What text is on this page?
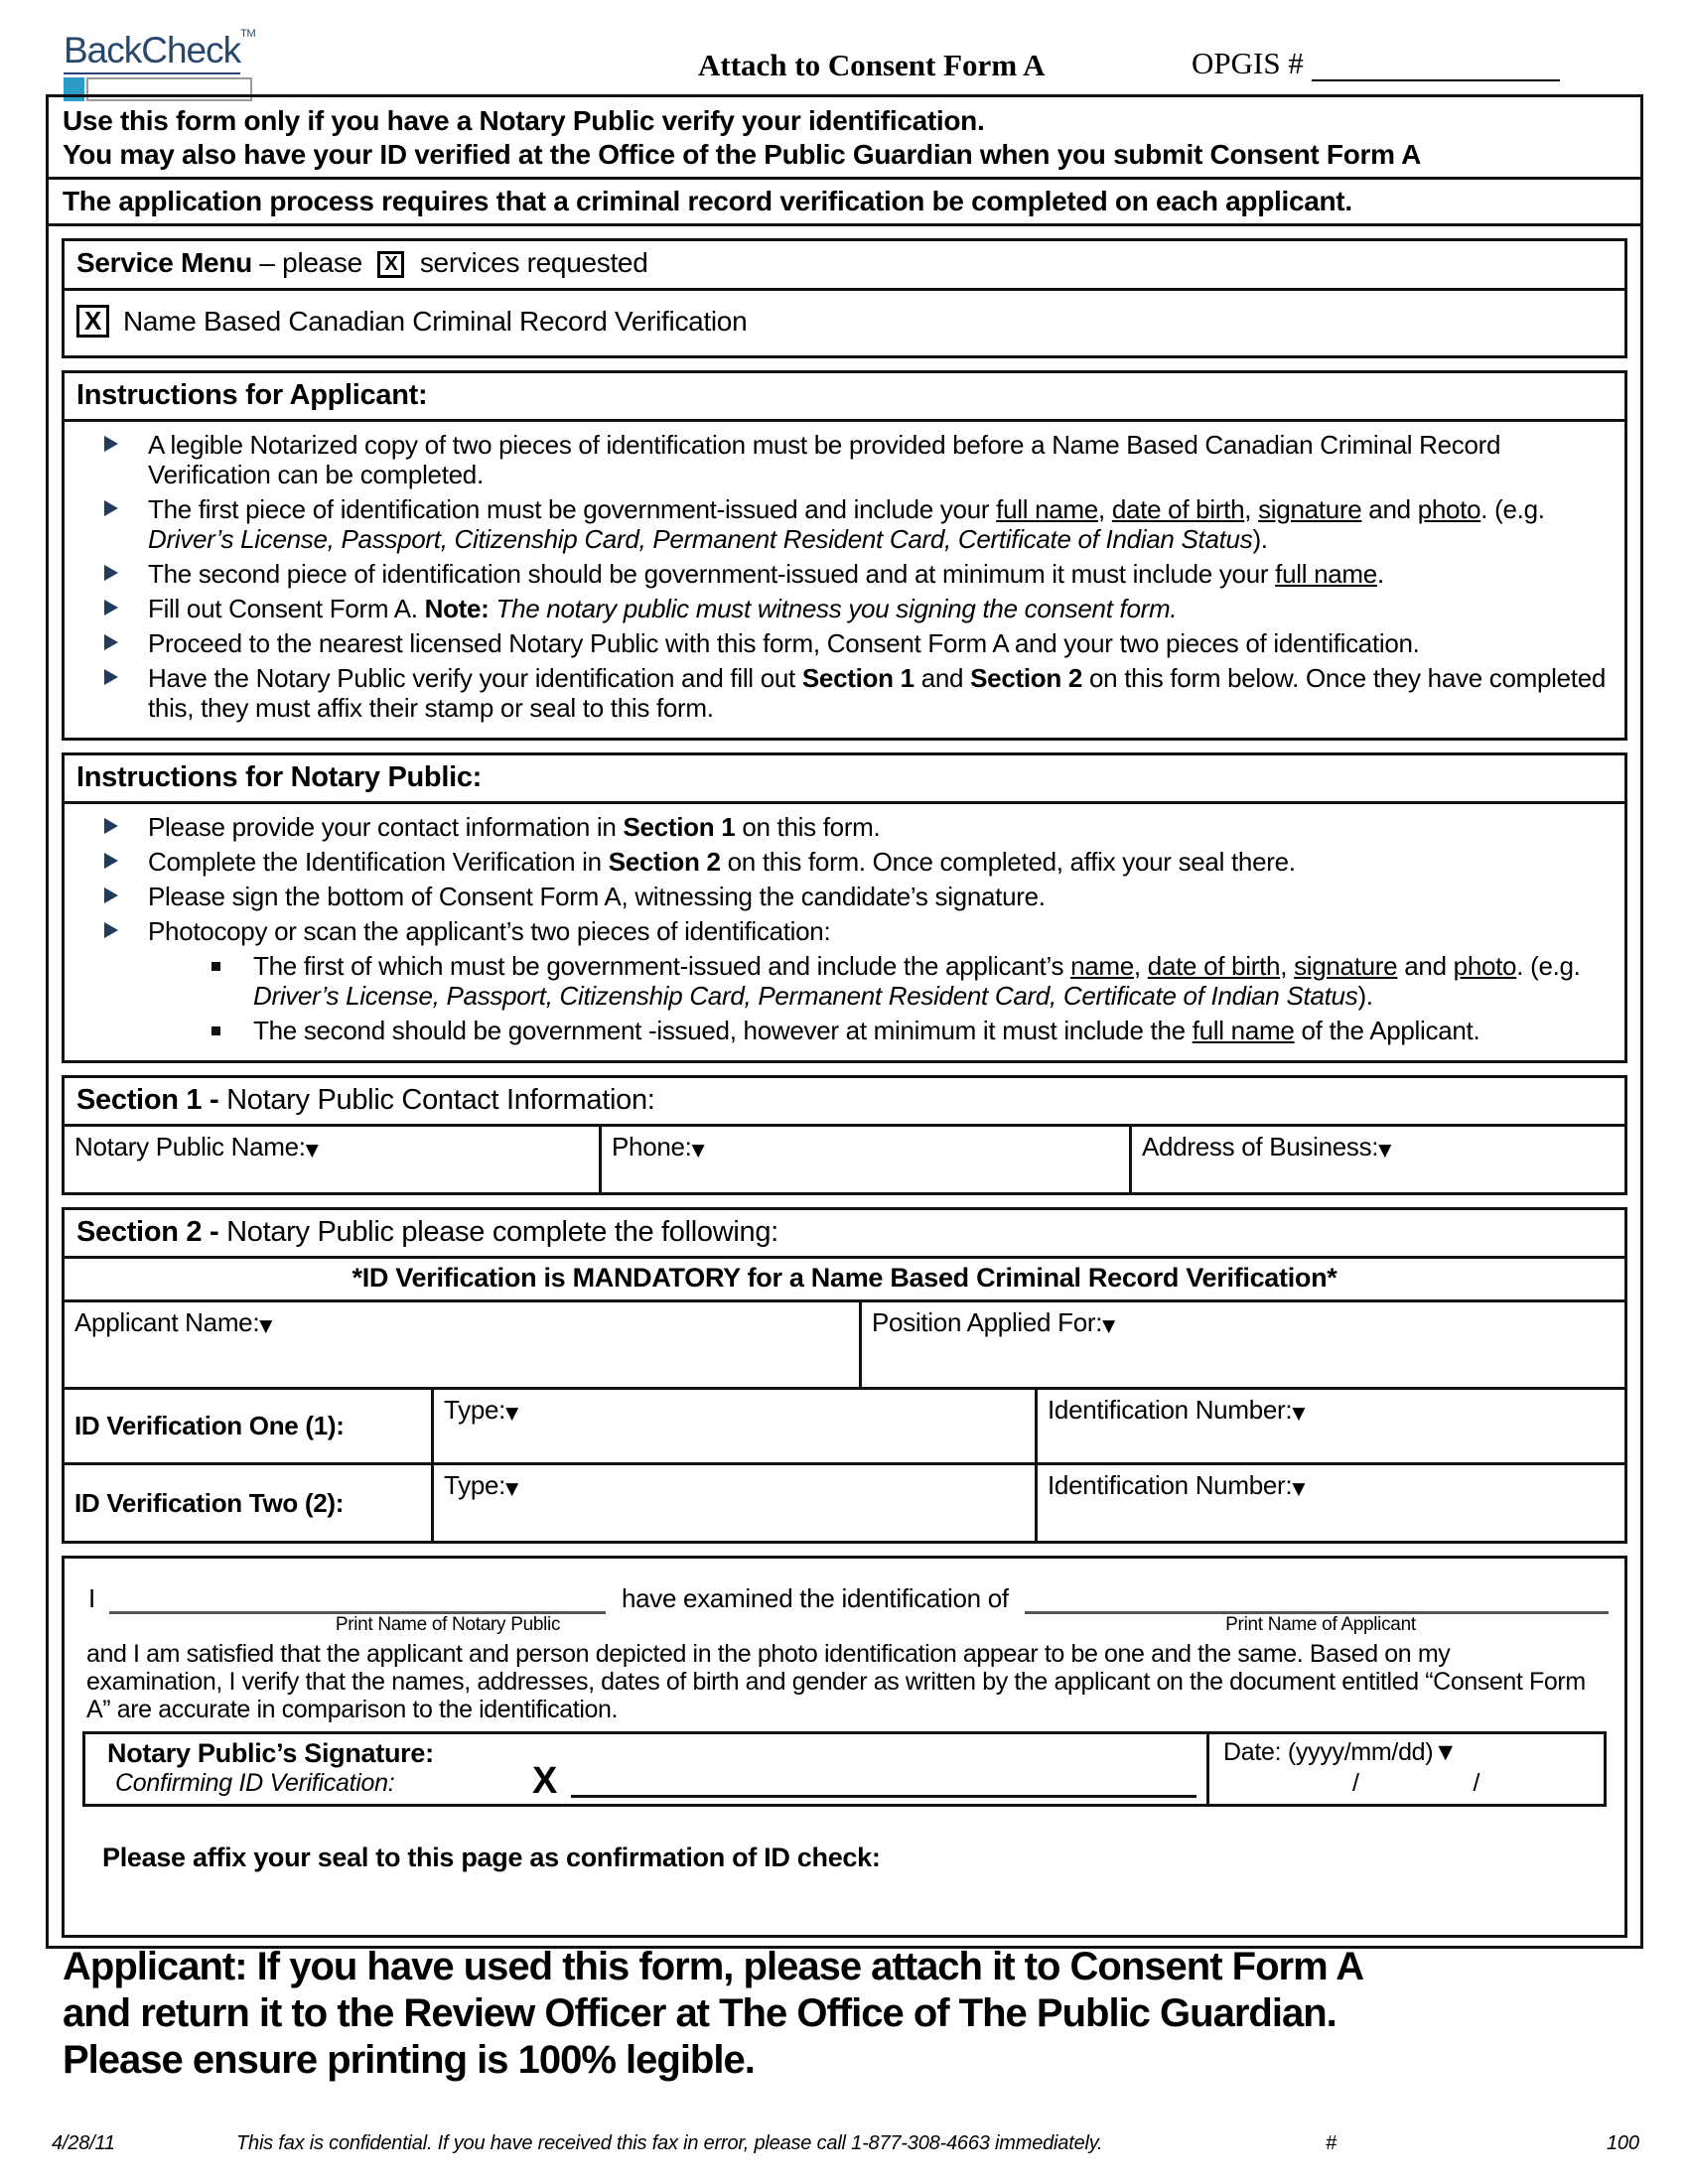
BackCheck™
Attach to Consent Form A	OPGIS #
Use this form only if you have a Notary Public verify your identification.
You may also have your ID verified at the Office of the Public Guardian when you submit Consent Form A
The application process requires that a criminal record verification be completed on each applicant.
Service Menu – please X services requested
X Name Based Canadian Criminal Record Verification
Instructions for Applicant:
A legible Notarized copy of two pieces of identification must be provided before a Name Based Canadian Criminal Record Verification can be completed.
The first piece of identification must be government-issued and include your full name, date of birth, signature and photo. (e.g. Driver’s License, Passport, Citizenship Card, Permanent Resident Card, Certificate of Indian Status).
The second piece of identification should be government-issued and at minimum it must include your full name.
Fill out Consent Form A. Note: The notary public must witness you signing the consent form.
Proceed to the nearest licensed Notary Public with this form, Consent Form A and your two pieces of identification.
Have the Notary Public verify your identification and fill out Section 1 and Section 2 on this form below. Once they have completed this, they must affix their stamp or seal to this form.
Instructions for Notary Public:
Please provide your contact information in Section 1 on this form.
Complete the Identification Verification in Section 2 on this form. Once completed, affix your seal there.
Please sign the bottom of Consent Form A, witnessing the candidate’s signature.
Photocopy or scan the applicant’s two pieces of identification:
The first of which must be government-issued and include the applicant’s name, date of birth, signature and photo. (e.g. Driver’s License, Passport, Citizenship Card, Permanent Resident Card, Certificate of Indian Status).
The second should be government -issued, however at minimum it must include the full name of the Applicant.
Section 1 - Notary Public Contact Information:
Notary Public Name:▼	Phone:▼	Address of Business:▼
Section 2 - Notary Public please complete the following:
*ID Verification is MANDATORY for a Name Based Criminal Record Verification*
Applicant Name:▼	Position Applied For:▼
ID Verification One (1):
Type:▼	Identification Number:▼
ID Verification Two (2):
Type:▼	Identification Number:▼
I	have examined the identification of
Print Name of Notary Public	Print Name of Applicant
and I am satisfied that the applicant and person depicted in the photo identification appear to be one and the same. Based on my examination, I verify that the names, addresses, dates of birth and gender as written by the applicant on the document entitled “Consent Form A” are accurate in comparison to the identification.
Notary Public’s Signature:
Confirming ID Verification:	X
Date: (yyyy/mm/dd)▼
/	/
Please affix your seal to this page as confirmation of ID check:
Applicant: If you have used this form, please attach it to Consent Form A
and return it to the Review Officer at The Office of The Public Guardian.
Please ensure printing is 100% legible.
4/28/11	This fax is confidential. If you have received this fax in error, please call 1-877-308-4663 immediately.	#	100
